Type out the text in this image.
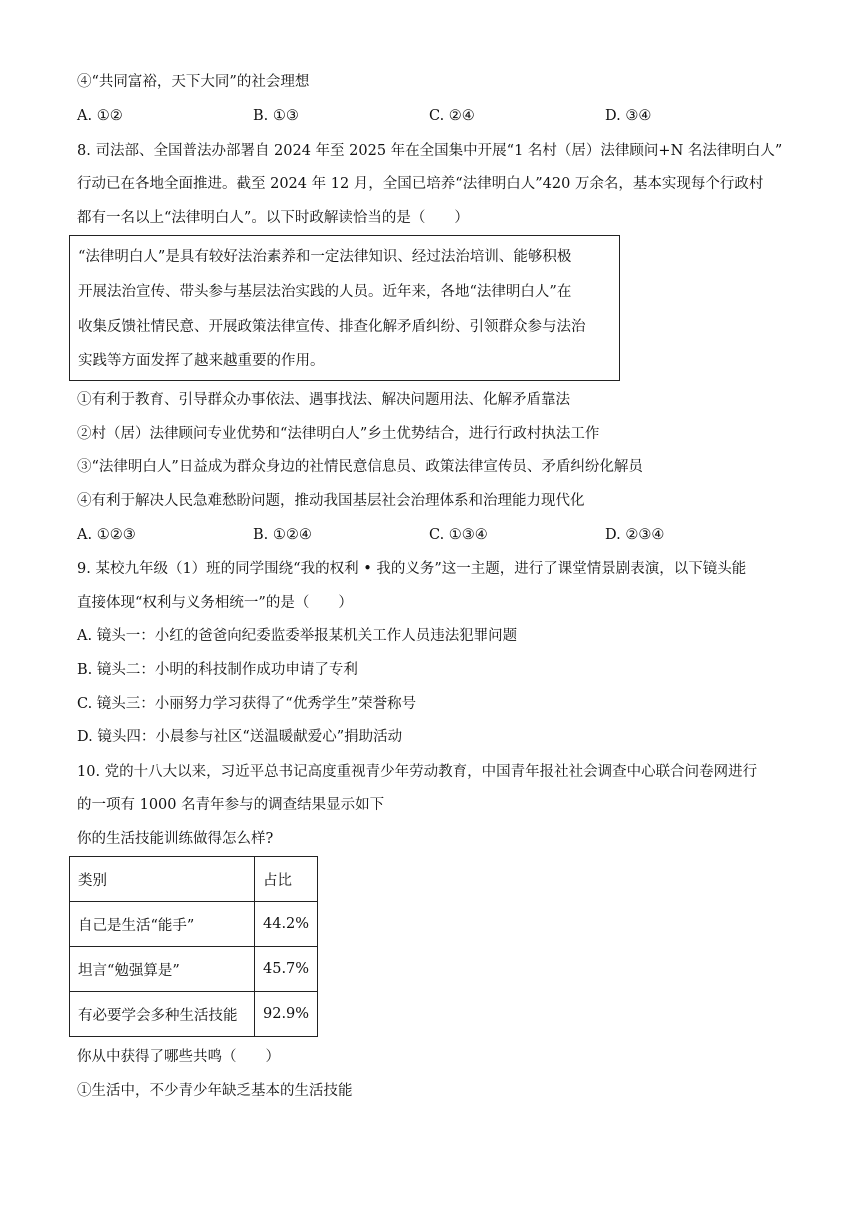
④“共同富裕，天下大同”的社会理想
A. ①②	B. ①③	C. ②④	D. ③④
8. 司法部、全国普法办部署自 2024 年至 2025 年在全国集中开展“1 名村（居）法律顾问+N 名法律明白人”
行动已在各地全面推进。截至 2024 年 12 月，全国已培养“法律明白人”420 万余名，基本实现每个行政村
都有一名以上“法律明白人”。以下时政解读恰当的是（　　）
“法律明白人”是具有较好法治素养和一定法律知识、经过法治培训、能够积极
开展法治宣传、带头参与基层法治实践的人员。近年来，各地“法律明白人”在
收集反馈社情民意、开展政策法律宣传、排查化解矛盾纠纷、引领群众参与法治
实践等方面发挥了越来越重要的作用。
①有利于教育、引导群众办事依法、遇事找法、解决问题用法、化解矛盾靠法
②村（居）法律顾问专业优势和“法律明白人”乡土优势结合，进行行政村执法工作
③“法律明白人”日益成为群众身边的社情民意信息员、政策法律宣传员、矛盾纠纷化解员
④有利于解决人民急难愁盼问题，推动我国基层社会治理体系和治理能力现代化
A. ①②③	B. ①②④	C. ①③④	D. ②③④
9. 某校九年级（1）班的同学围绕“我的权利 • 我的义务”这一主题，进行了课堂情景剧表演，以下镜头能
直接体现“权利与义务相统一”的是（　　）
A. 镜头一：小红的爸爸向纪委监委举报某机关工作人员违法犯罪问题
B. 镜头二：小明的科技制作成功申请了专利
C. 镜头三：小丽努力学习获得了“优秀学生”荣誉称号
D. 镜头四：小晨参与社区“送温暖献爱心”捐助活动
10. 党的十八大以来，习近平总书记高度重视青少年劳动教育，中国青年报社社会调查中心联合问卷网进行
的一项有 1000 名青年参与的调查结果显示如下
你的生活技能训练做得怎么样?
类别	占比
自己是生活“能手”	44.2%
坦言“勉强算是”	45.7%
有必要学会多种生活技能	92.9%
你从中获得了哪些共鸣（　　）
①生活中，不少青少年缺乏基本的生活技能
